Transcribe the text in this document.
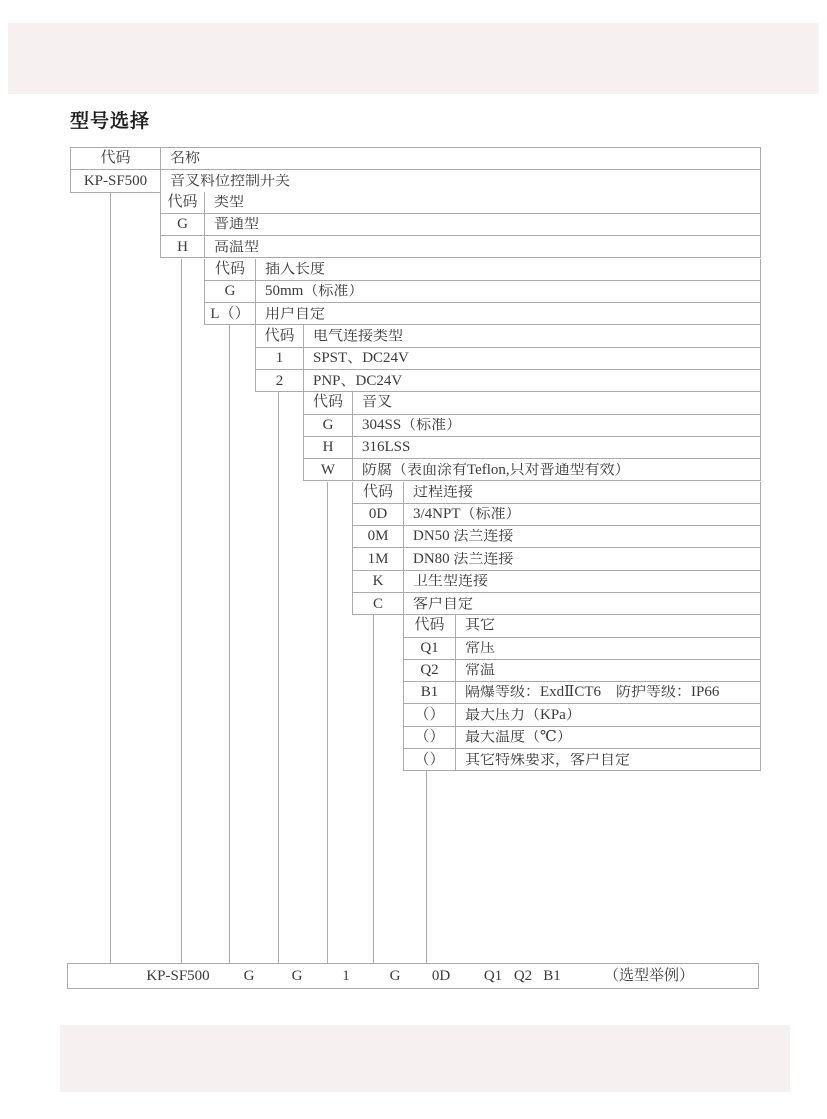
型号选择
代码	名称
KP-SF500	音叉料位控制开关
代码	类型
G	普通型
H	高温型
代码	插入长度
G	50mm（标准）
L（）	用户自定
代码	电气连接类型
1	SPST、DC24V
2	PNP、DC24V
代码	音叉
G	304SS（标准）
H	316LSS
W	防腐（表面涂有Teflon,只对普通型有效）
代码	过程连接
0D	3/4NPT（标准）
0M	DN50 法兰连接
1M	DN80 法兰连接
K	卫生型连接
C	客户自定
代码	其它
Q1	常压
Q2	常温
B1	隔爆等级：ExdⅡCT6　防护等级：IP66
（）	最大压力（KPa）
（）	最大温度（℃）
（）	其它特殊要求，客户自定
KP-SF500 G G	1	G 0D Q1 Q2 B1	（选型举例）
